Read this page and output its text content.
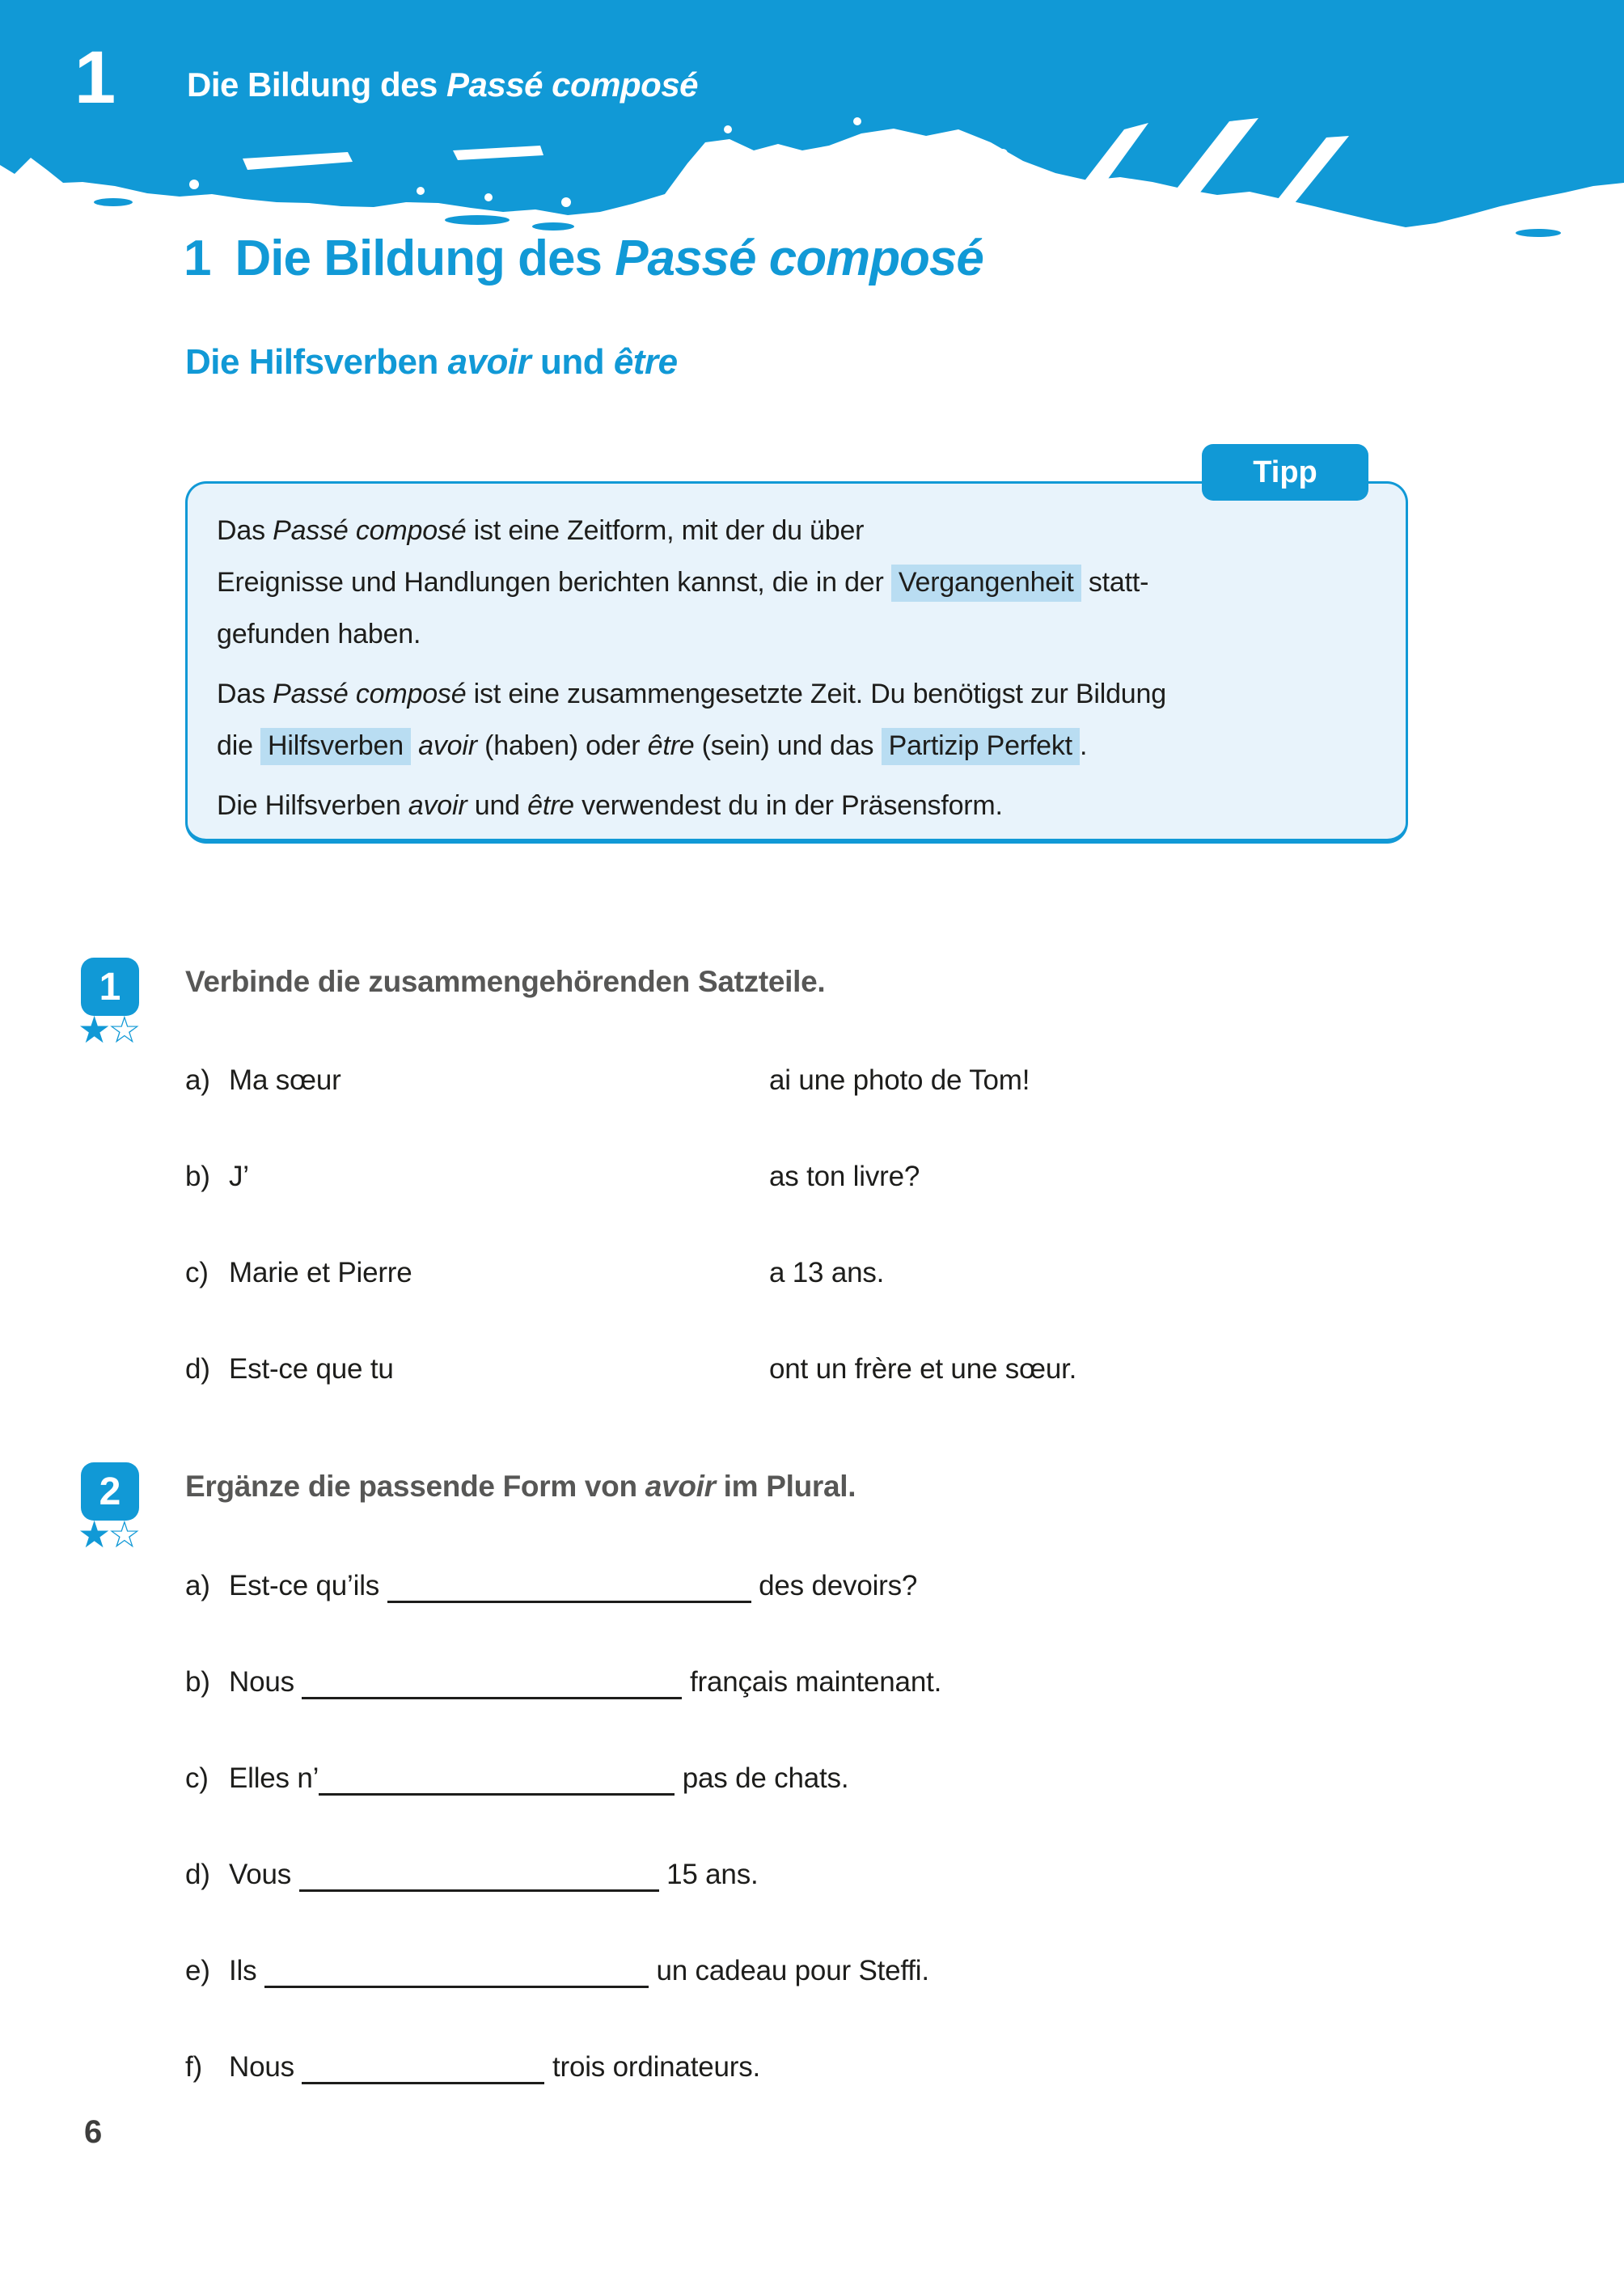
1 Die Bildung des Passé composé
1 Die Bildung des Passé composé
Die Hilfsverben avoir und être
Tipp
Das Passé composé ist eine Zeitform, mit der du über
Ereignisse und Handlungen berichten kannst, die in der Vergangenheit statt-
gefunden haben.
Das Passé composé ist eine zusammengesetzte Zeit. Du benötigst zur Bildung
die Hilfsverben avoir (haben) oder être (sein) und das Partizip Perfekt .
Die Hilfsverben avoir und être verwendest du in der Präsensform.
1
★☆
Verbinde die zusammengehörenden Satzteile.
a) Ma sœur	ai une photo de Tom!
b) J’	as ton livre?
c) Marie et Pierre	a 13 ans.
d) Est-ce que tu	ont un frère et une sœur.
2
★☆
Ergänze die passende Form von avoir im Plural.
a) Est-ce qu’ils	des devoirs?
b) Nous	français maintenant.
c) Elles n’	pas de chats.
d) Vous	15 ans.
e) Ils	un cadeau pour Steffi.
f) Nous	trois ordinateurs.
6
